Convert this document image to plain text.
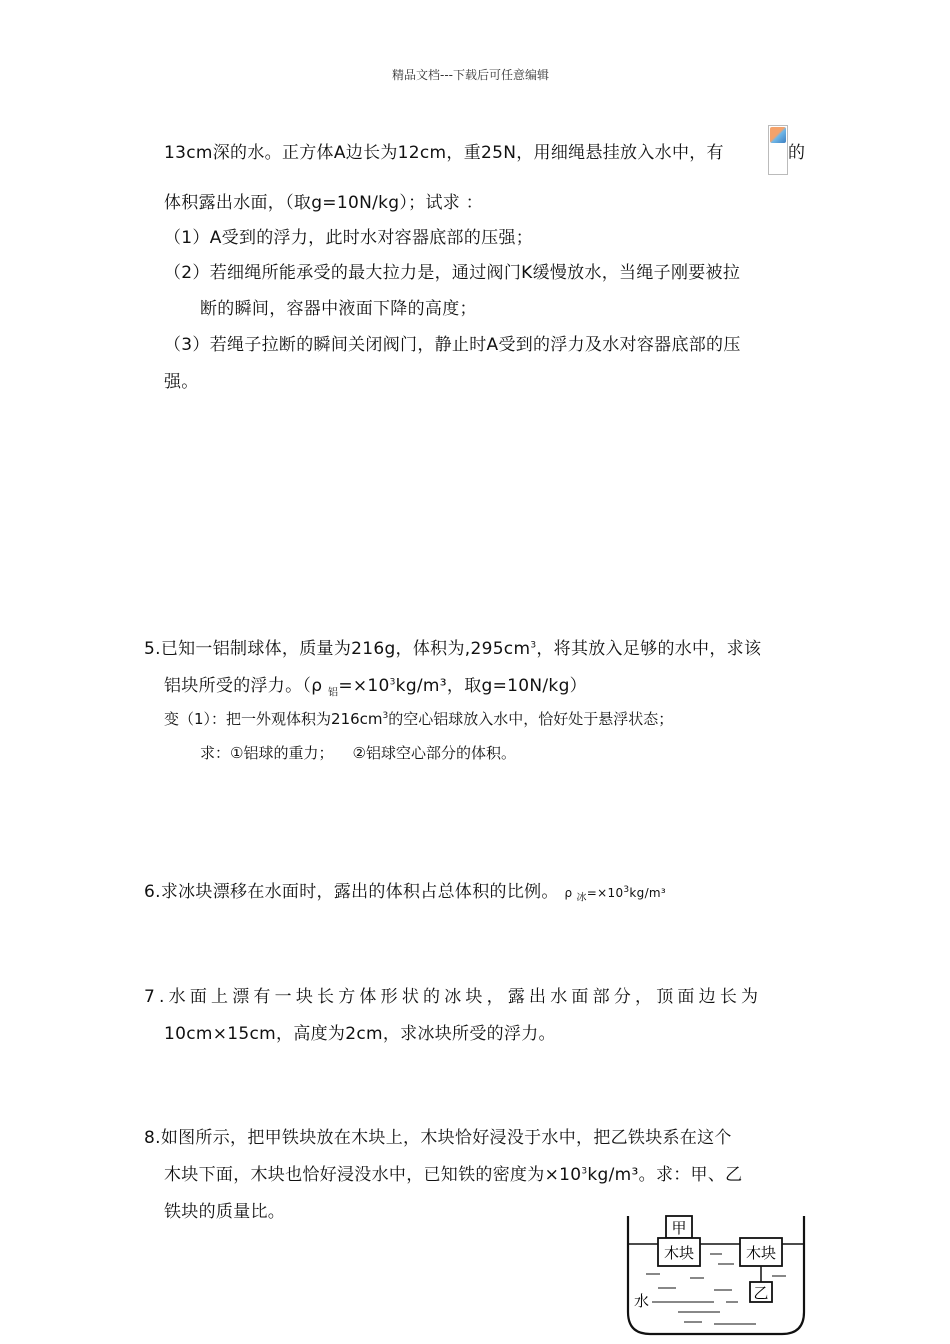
精品文档---下载后可任意编辑
13cm深的水。正方体A边长为12cm，重25N，用细绳悬挂放入水中，有	的
体积露出水面，（取g=10N/kg）；试求 ：
（1）A受到的浮力，此时水对容器底部的压强；
（2）若细绳所能承受的最大拉力是，通过阀门K缓慢放水，当绳子刚要被拉
断的瞬间，容器中液面下降的高度；
（3）若绳子拉断的瞬间关闭阀门，静止时A受到的浮力及水对容器底部的压
强。
5.已知一铝制球体，质量为216g，体积为$,295cm^3$，将其放入足够的水中，求该
铝块所受的浮力。（ρ $_铝=\times 10^3kg/m^3$，取g=10N/kg）
变（1）：把一外观体积为$216cm^3$的空心铝球放入水中，恰好处于悬浮状态；
求：①铝球的重力；    ②铝球空心部分的体积。
6.求冰块漂移在水面时，露出的体积占总体积的比例。 ρ $_冰=\times 10^3kg/m^3$
7.水面上漂有一块长方体形状的冰块，露出水面部分，顶面边长为
10cm×15cm，高度为2cm，求冰块所受的浮力。
8.如图所示，把甲铁块放在木块上，木块恰好浸没于水中，把乙铁块系在这个
木块下面，木块也恰好浸没水中，已知铁的密度为$\times 10^3kg/m^3$。求：甲、乙
铁块的质量比。
甲
木块	木块
乙
水
